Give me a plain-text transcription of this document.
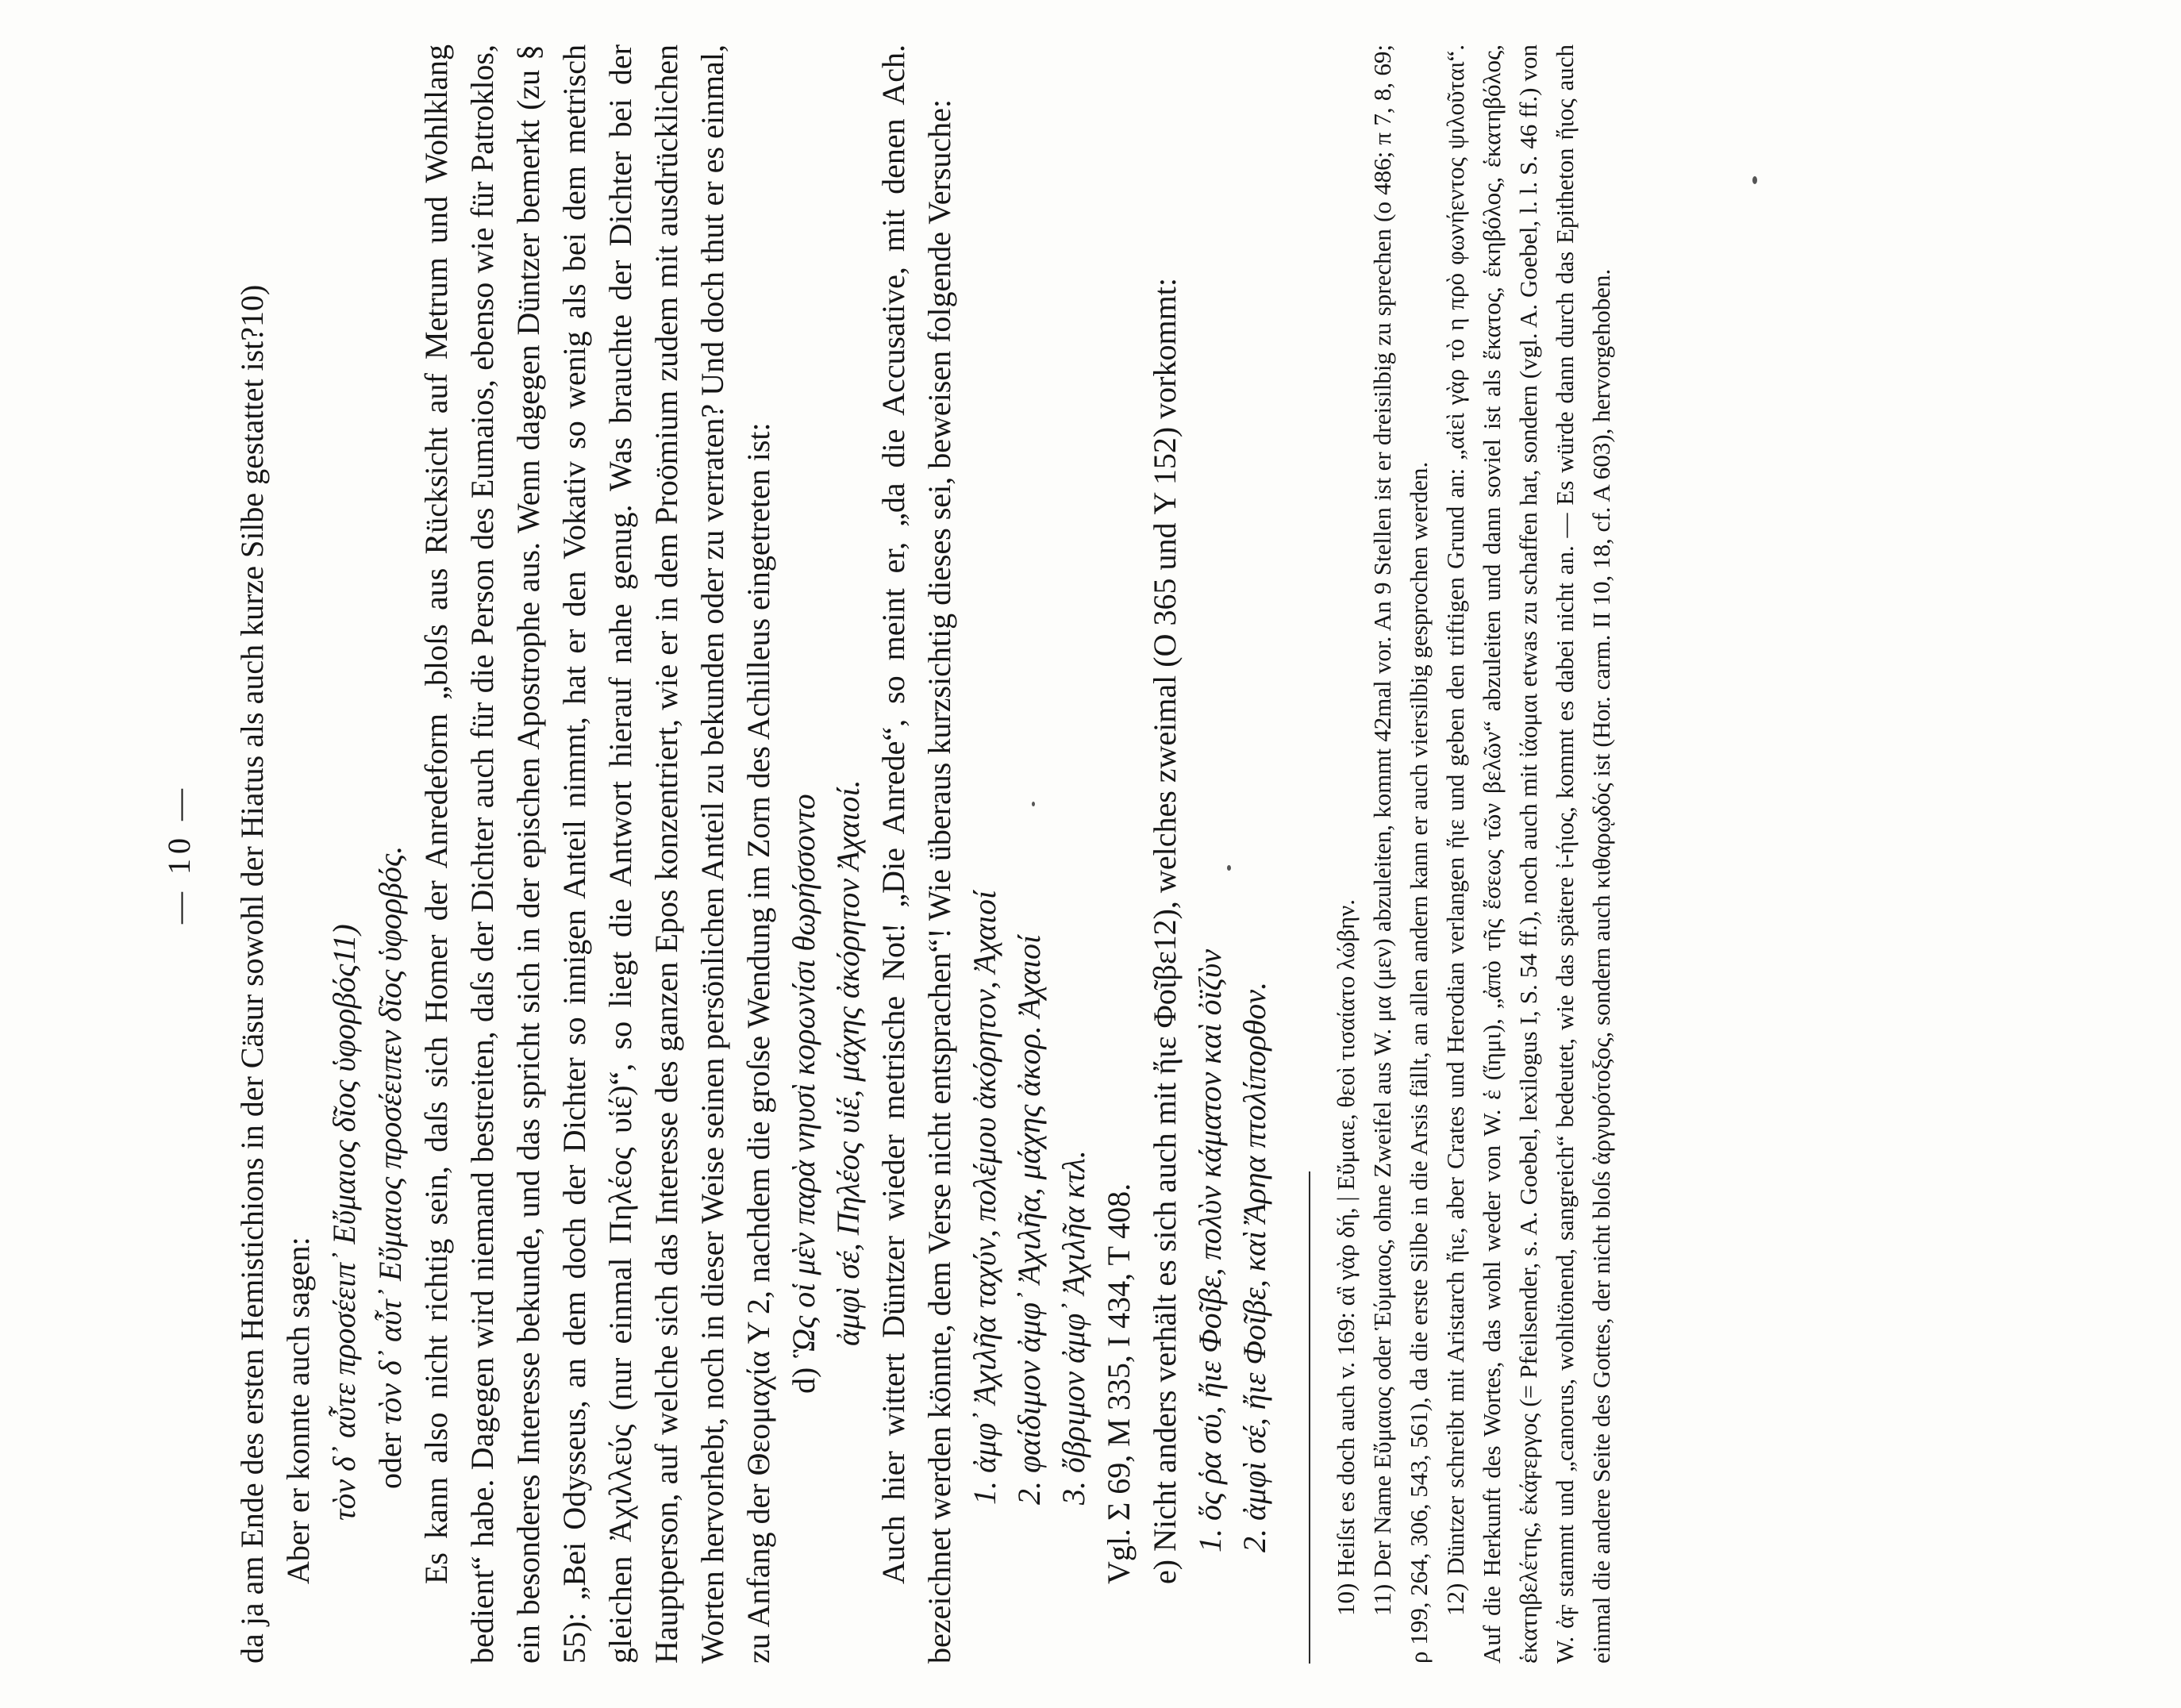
— 10 — da ja am Ende des ersten Hemistichions in der Cäsur sowohl der Hiatus als auch kurze Silbe gestattet ist?10) Aber er konnte auch sagen: τὸν δ᾽ αὖτε προσέειπ᾽ Εὔμαιος δῖος ὑφορβός11) oder τὸν δ᾽ αὖτ᾽ Εὔμαιος προσέειπεν δῖος ὑφορβός. Es kann also nicht richtig sein, daſs sich Homer der Anredeform „bloſs aus Rücksicht auf Metrum und Wohlklang bedient“ habe. Dagegen wird niemand bestreiten, daſs der Dichter auch für die Person des Eumaios, ebenso wie für Patroklos, ein besonderes Interesse bekunde, und das spricht sich in der epischen Apostrophe aus. Wenn dagegen Düntzer bemerkt (zu § 55): „Bei Odysseus, an dem doch der Dichter so innigen Anteil nimmt, hat er den Vokativ so wenig als bei dem metrisch gleichen Ἀχιλλεύς (nur einmal Πηλέος υἱέ)“, so liegt die Antwort hierauf nahe genug. Was brauchte der Dichter bei der Hauptperson, auf welche sich das Interesse des ganzen Epos konzentriert, wie er in dem Proömium zudem mit ausdrücklichen Worten hervorhebt, noch in dieser Weise seinen persönlichen Anteil zu bekunden oder zu verraten? Und doch thut er es einmal, zu Anfang der Θεομαχία Υ 2, nachdem die groſse Wendung im Zorn des Achilleus eingetreten ist: d) Ὣς οἱ μὲν παρὰ νηυσὶ κορωνίσι θωρήσσοντο ἀμφὶ σέ, Πηλέος υἱέ, μάχης ἀκόρητον Ἀχαιοί. Auch hier wittert Düntzer wieder metrische Not! „Die Anrede“, so meint er, „da die Accusative, mit denen Ach. bezeichnet werden könnte, dem Verse nicht entsprachen“! Wie überaus kurzsichtig dieses sei, beweisen folgende Versuche: 1. ἀμφ᾽ Ἀχιλῆα ταχύν, πολέμου ἀκόρητον, Ἀχαιοί 2. φαίδιμον ἀμφ᾽ Ἀχιλῆα, μάχης ἀκορ. Ἀχαιοί 3. ὄβριμον ἀμφ᾽ Ἀχιλῆα κτλ. Vgl. Σ 69, Μ 335, Ι 434, Τ 408. e) Nicht anders verhält es sich auch mit ἤιε Φοῖβε12), welches zweimal (Ο 365 und Υ 152) vorkommt: 1. ὅς ῥα σύ, ἤιε Φοῖβε, πολὺν κάματον καὶ ὀϊζὺν 2. ἀμφὶ σέ, ἤιε Φοῖβε, καὶ Ἄρηα πτολίπορθον. 10) Heiſst es doch auch v. 169: αἳ γὰρ δή, | Εὔμαιε, θεοὶ τισαίατο λώβην. 11) Der Name Εὔμαιος oder Ἑύμαιος, ohne Zweifel aus W. μα (μεν) abzuleiten, kommt 42mal vor. An 9 Stellen ist er dreisilbig zu sprechen (ο 486; π 7, 8, 69; ρ 199, 264, 306, 543, 561), da die erste Silbe in die Arsis fällt, an allen andern kann er auch viersilbig gesprochen werden. 12) Düntzer schreibt mit Aristarch ἤιε, aber Crates und Herodian verlangen ἥιε und geben den triftigen Grund an: „αἰεὶ γὰρ τὸ η πρὸ φωνήεντος ψιλοῦται“. Auf die Herkunft des Wortes, das wohl weder von W. ἑ (ἵημι), „ἀπὸ τῆς ἕσεως τῶν βελῶν“ abzuleiten und dann soviel ist als ἕκατος, ἑκηβόλος, ἑκατηβόλος, ἑκατηβελέτης, ἑκάϝεργος (= Pfeilsender, s. A. Goebel, lexilogus I, S. 54 ff.), noch auch mit ἰάομαι etwas zu schaffen hat, sondern (vgl. A. Goebel, l. l. S. 46 ff.) von W. ἀϝ stammt und „canorus, wohltönend, sangreich“ bedeutet, wie das spätere ἰ-ήιος, kommt es dabei nicht an. — Es würde dann durch das Epitheton ἤιος auch einmal die andere Seite des Gottes, der nicht bloſs ἀργυρότοξος, sondern auch κιθαρῳδός ist (Hor. carm. II 10, 18, cf. A 603), hervorgehoben.
